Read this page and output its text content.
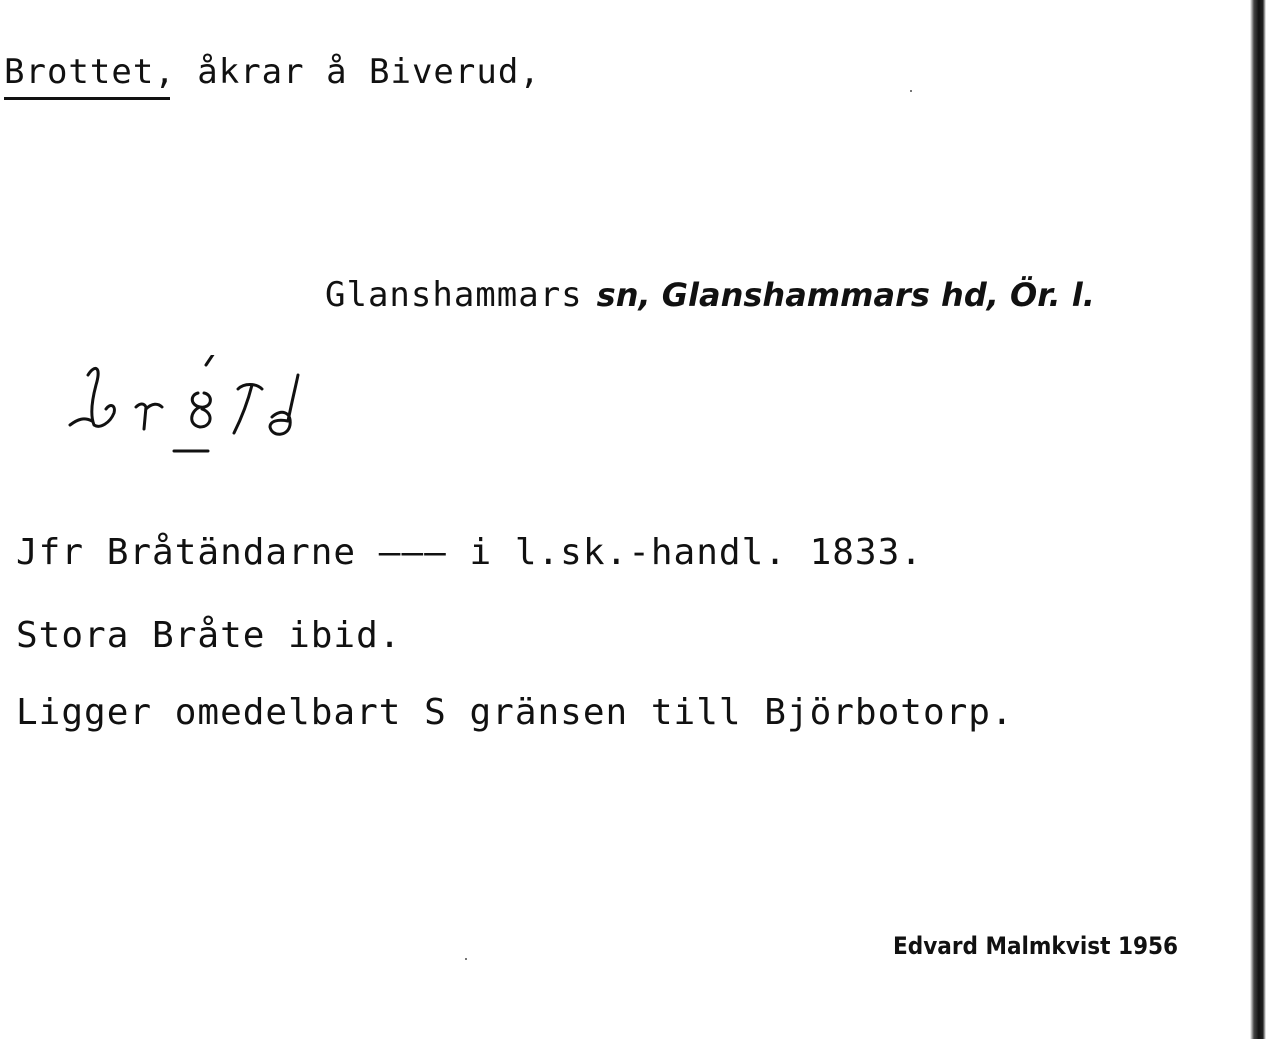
Brottet, åkrar å Biverud,
Glanshammars sn, Glanshammars hd, Ör. l.
Jfr Bråtändarne ––– i l.sk.-handl. 1833.
Stora Bråte ibid.
Ligger omedelbart S gränsen till Björbotorp.
Edvard Malmkvist 1956
